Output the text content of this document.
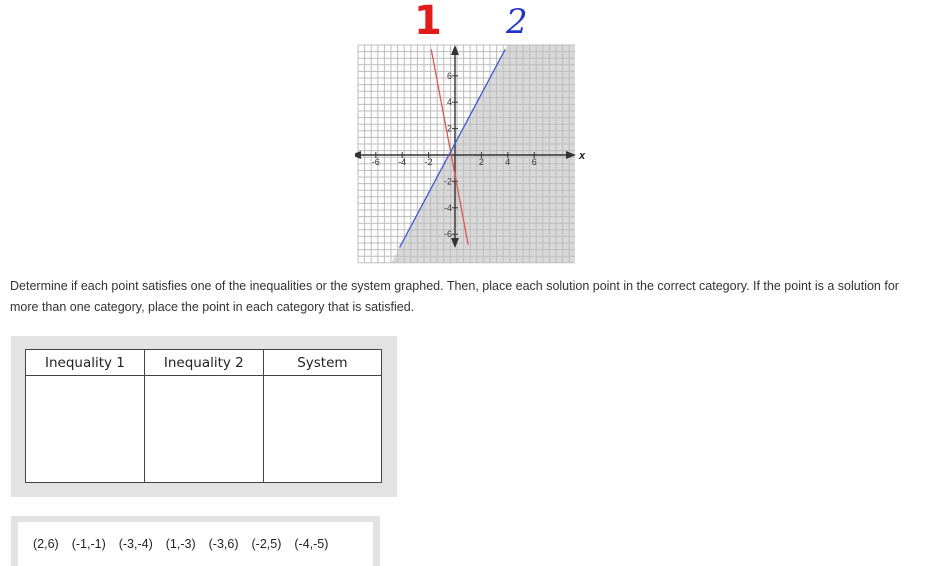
x
-6 -4 -2	2 4 6
6
4
2
-2
-4
-6
1 2
Determine if each point satisfies one of the inequalities or the system graphed. Then, place each solution point in the correct category. If the point is a solution for more than one category, place the point in each category that is satisfied.
Inequality 1	Inequality 2	System

(2,6) (-1,-1) (-3,-4) (1,-3) (-3,6) (-2,5) (-4,-5)
